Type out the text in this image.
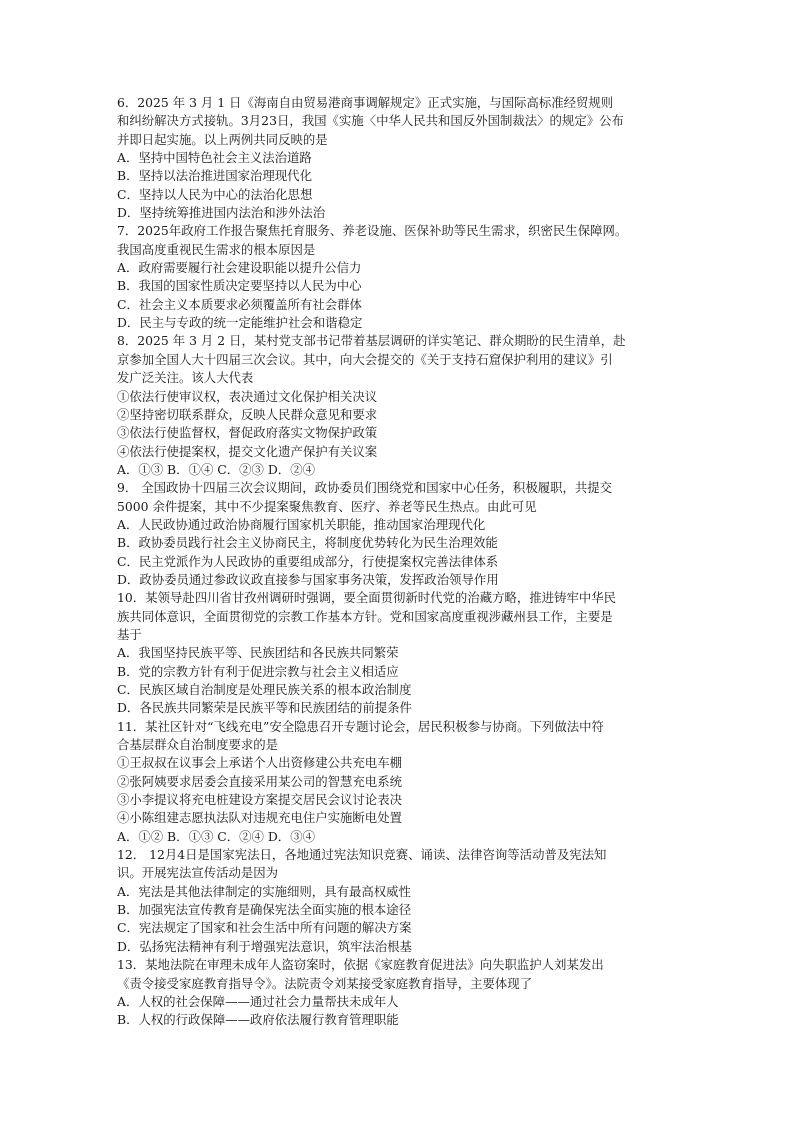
6．2025 年 3 月 1 日《海南自由贸易港商事调解规定》正式实施，与国际高标准经贸规则
和纠纷解决方式接轨。3月23日，我国《实施〈中华人民共和国反外国制裁法〉的规定》公布
并即日起实施。以上两例共同反映的是
A．坚持中国特色社会主义法治道路
B．坚持以法治推进国家治理现代化
C．坚持以人民为中心的法治化思想
D．坚持统筹推进国内法治和涉外法治
7．2025年政府工作报告聚焦托育服务、养老设施、医保补助等民生需求，织密民生保障网。
我国高度重视民生需求的根本原因是
A．政府需要履行社会建设职能以提升公信力
B．我国的国家性质决定要坚持以人民为中心
C．社会主义本质要求必须覆盖所有社会群体
D．民主与专政的统一定能维护社会和谐稳定
8．2025 年 3 月 2 日，某村党支部书记带着基层调研的详实笔记、群众期盼的民生清单，赴
京参加全国人大十四届三次会议。其中，向大会提交的《关于支持石窟保护利用的建议》引
发广泛关注。该人大代表
①依法行使审议权，表决通过文化保护相关决议
②坚持密切联系群众，反映人民群众意见和要求
③依法行使监督权，督促政府落实文物保护政策
④依法行使提案权，提交文化遗产保护有关议案
A．①③ B．①④ C．②③ D．②④
9． 全国政协十四届三次会议期间，政协委员们围绕党和国家中心任务，积极履职，共提交
5000 余件提案，其中不少提案聚焦教育、医疗、养老等民生热点。由此可见
A．人民政协通过政治协商履行国家机关职能，推动国家治理现代化
B．政协委员践行社会主义协商民主，将制度优势转化为民生治理效能
C．民主党派作为人民政协的重要组成部分，行使提案权完善法律体系
D．政协委员通过参政议政直接参与国家事务决策，发挥政治领导作用
10．某领导赴四川省甘孜州调研时强调，要全面贯彻新时代党的治藏方略，推进铸牢中华民
族共同体意识，全面贯彻党的宗教工作基本方针。党和国家高度重视涉藏州县工作，主要是
基于
A．我国坚持民族平等、民族团结和各民族共同繁荣
B．党的宗教方针有利于促进宗教与社会主义相适应
C．民族区域自治制度是处理民族关系的根本政治制度
D．各民族共同繁荣是民族平等和民族团结的前提条件
11．某社区针对“飞线充电”安全隐患召开专题讨论会，居民积极参与协商。下列做法中符
合基层群众自治制度要求的是
①王叔叔在议事会上承诺个人出资修建公共充电车棚
②张阿姨要求居委会直接采用某公司的智慧充电系统
③小李提议将充电桩建设方案提交居民会议讨论表决
④小陈组建志愿执法队对违规充电住户实施断电处置
A．①② B．①③ C．②④ D．③④
12． 12月4日是国家宪法日，各地通过宪法知识竞赛、诵读、法律咨询等活动普及宪法知
识。开展宪法宣传活动是因为
A．宪法是其他法律制定的实施细则，具有最高权威性
B．加强宪法宣传教育是确保宪法全面实施的根本途径
C．宪法规定了国家和社会生活中所有问题的解决方案
D．弘扬宪法精神有利于增强宪法意识，筑牢法治根基
13．某地法院在审理未成年人盗窃案时，依据《家庭教育促进法》向失职监护人刘某发出
《责令接受家庭教育指导令》。法院责令刘某接受家庭教育指导，主要体现了
A．人权的社会保障——通过社会力量帮扶未成年人
B．人权的行政保障——政府依法履行教育管理职能
